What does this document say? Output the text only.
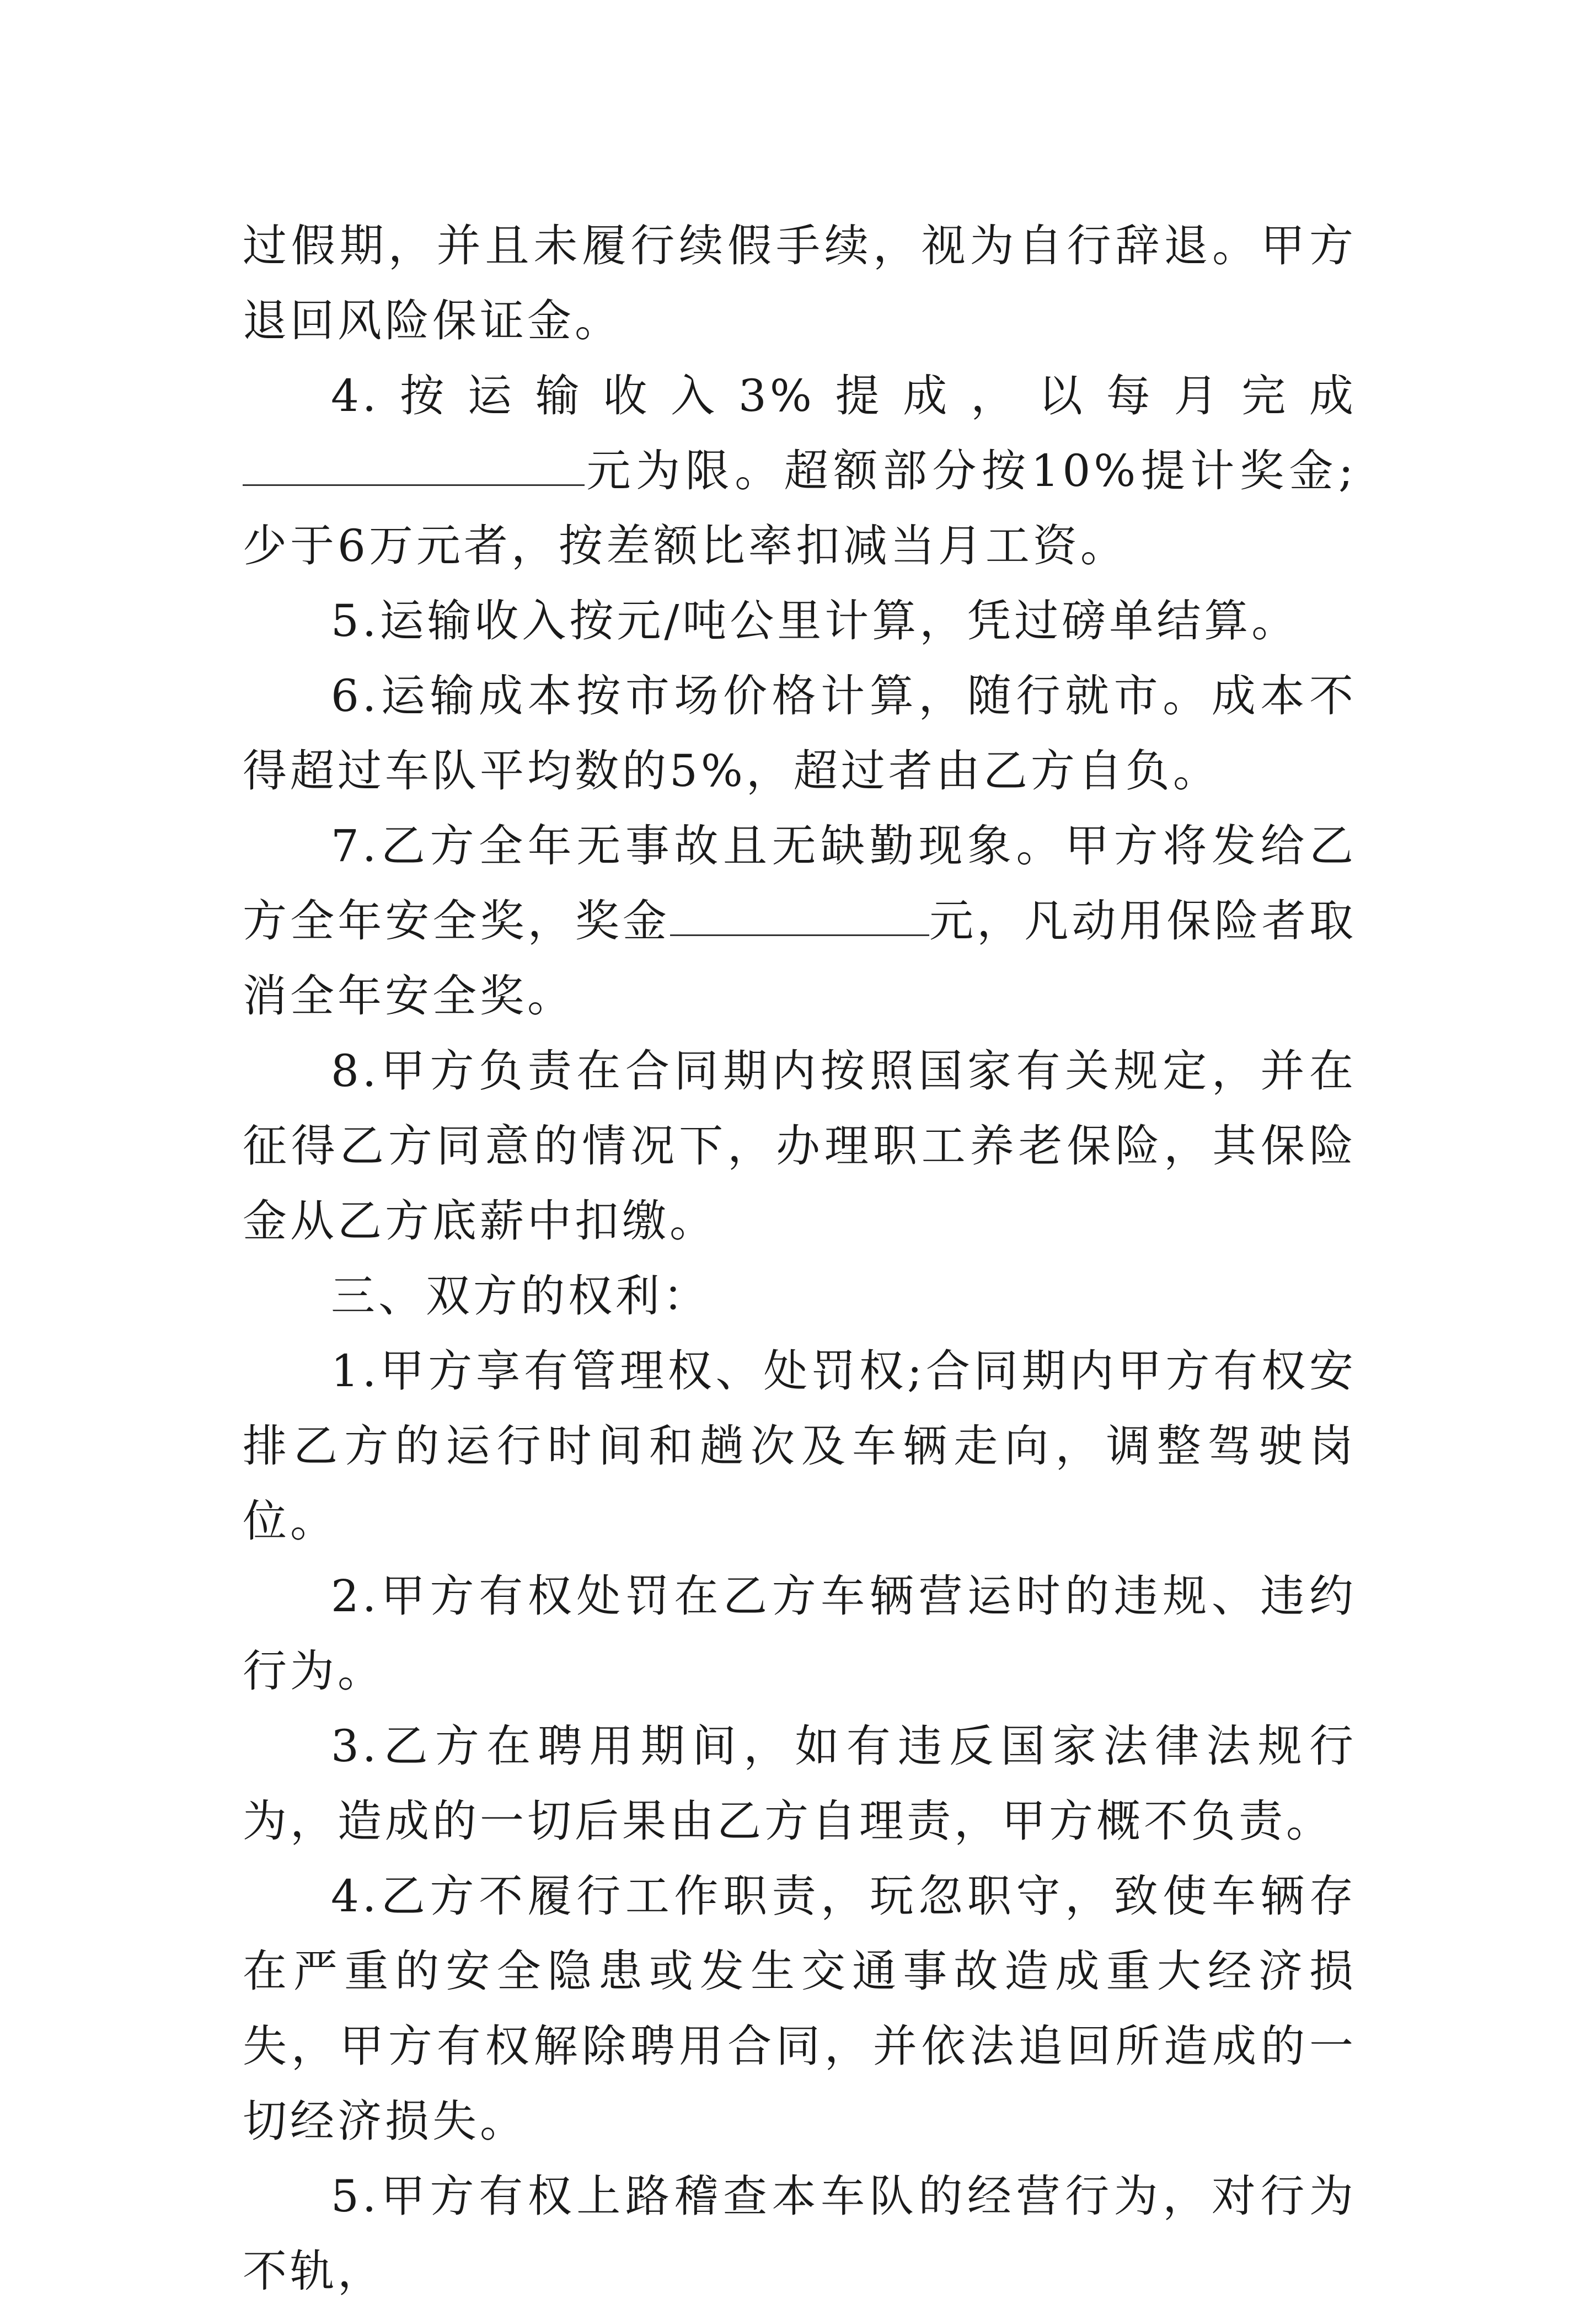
过假期，并且未履行续假手续，视为自行辞退。甲方退回风险保证金。

4.按运输收入3%提成，以每月完成元为限。超额部分按10%提计奖金;少于6万元者，按差额比率扣减当月工资。

5.运输收入按元/吨公里计算，凭过磅单结算。

6.运输成本按市场价格计算，随行就市。成本不得超过车队平均数的5%，超过者由乙方自负。

7.乙方全年无事故且无缺勤现象。甲方将发给乙方全年安全奖，奖金	元，凡动用保险者取消全年安全奖。

8.甲方负责在合同期内按照国家有关规定，并在征得乙方同意的情况下，办理职工养老保险，其保险金从乙方底薪中扣缴。

三、双方的权利：

1.甲方享有管理权、处罚权;合同期内甲方有权安排乙方的运行时间和趟次及车辆走向，调整驾驶岗位。

2.甲方有权处罚在乙方车辆营运时的违规、违约行为。

3.乙方在聘用期间，如有违反国家法律法规行为，造成的一切后果由乙方自理责，甲方概不负责。

4.乙方不履行工作职责，玩忽职守，致使车辆存在严重的安全隐患或发生交通事故造成重大经济损失，甲方有权解除聘用合同，并依法追回所造成的一切经济损失。

5.甲方有权上路稽查本车队的经营行为，对行为不轨，
